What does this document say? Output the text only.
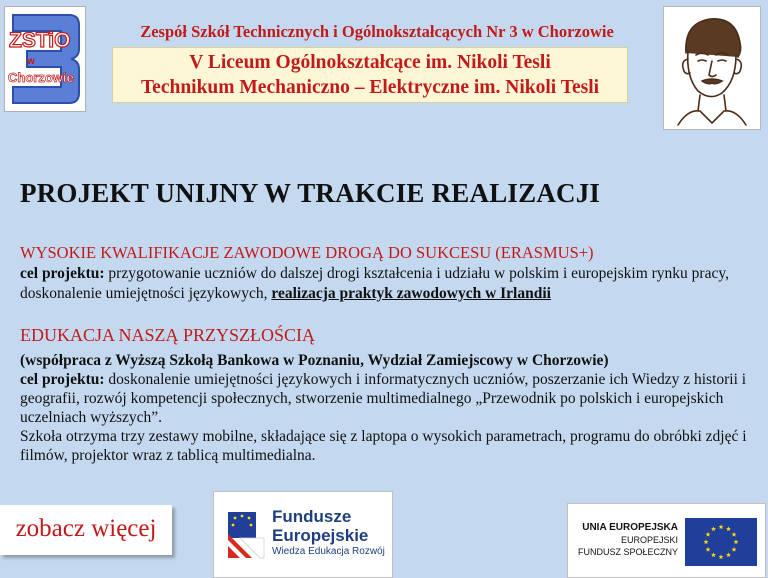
ZSTiO
w
Chorzowie
Zespół Szkół Technicznych i Ogólnokształcących Nr 3 w Chorzowie
V Liceum Ogólnokształcące im. Nikoli Tesli
Technikum Mechaniczno – Elektryczne im. Nikoli Tesli
PROJEKT UNIJNY W TRAKCIE REALIZACJI
WYSOKIE KWALIFIKACJE ZAWODOWE DROGĄ DO SUKCESU (ERASMUS+)
cel projektu: przygotowanie uczniów do dalszej drogi kształcenia i udziału w polskim i europejskim rynku pracy, doskonalenie umiejętności językowych, realizacja praktyk zawodowych w Irlandii
EDUKACJA NASZĄ PRZYSZŁOŚCIĄ
(współpraca z Wyższą Szkołą Bankowa w Poznaniu, Wydział Zamiejscowy w Chorzowie)
cel projektu: doskonalenie umiejętności językowych i informatycznych uczniów, poszerzanie ich Wiedzy z historii i geografii, rozwój kompetencji społecznych, stworzenie multimedialnego „Przewodnik po polskich i europejskich uczelniach wyższych”.
Szkoła otrzyma trzy zestawy mobilne, składające się z laptopa o wysokich parametrach, programu do obróbki zdjęć i filmów, projektor wraz z tablicą multimedialna.
zobacz więcej	Fundusze
Europejskie
Wiedza Edukacja Rozwój
UNIA EUROPEJSKA
EUROPEJSKI
FUNDUSZ SPOŁECZNY
